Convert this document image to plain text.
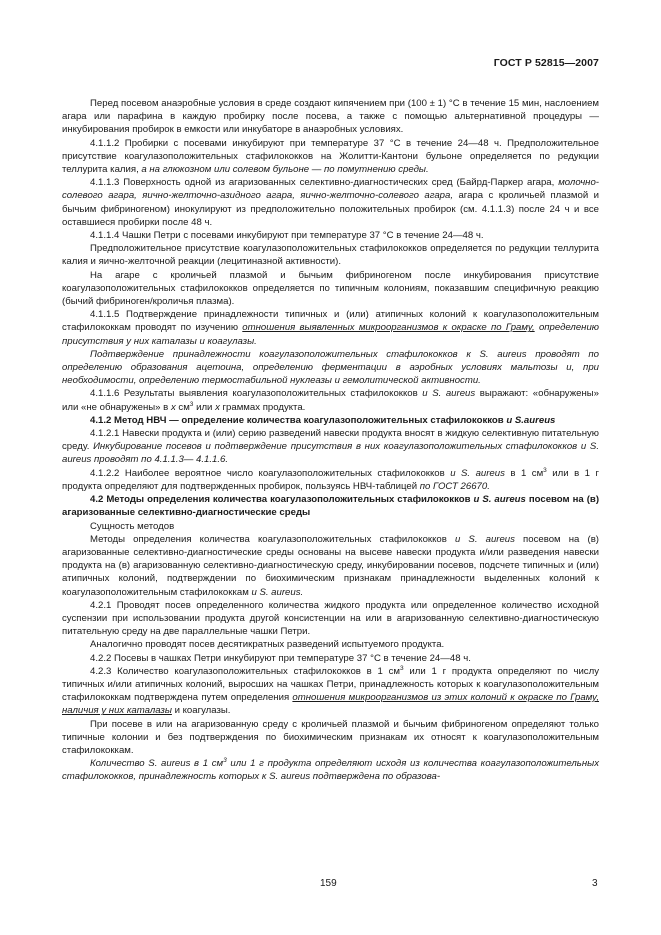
ГОСТ Р 52815—2007

Перед посевом анаэробные условия в среде создают кипячением при (100 ± 1) °С в течение 15 мин, наслоением агара или парафина в каждую пробирку после посева, а также с помощью альтернативной процедуры — инкубирования пробирок в емкости или инкубаторе в анаэробных условиях.

4.1.1.2 Пробирки с посевами инкубируют при температуре 37 °С в течение 24—48 ч. Предположительное присутствие коагулазоположительных стафилококков на Жолитти-Кантони бульоне определяется по редукции теллурита калия, а на глюкозном или солевом бульоне — по помутнению среды.

4.1.1.3 Поверхность одной из агаризованных селективно-диагностических сред (Байрд-Паркер агара, молочно-солевого агара, яично-желточно-азидного агара, яично-желточно-солевого агара, агара с кроличьей плазмой и бычьим фибриногеном) инокулируют из предположительно положительных пробирок (см. 4.1.1.3) после 24 ч и все оставшиеся пробирки после 48 ч.

4.1.1.4 Чашки Петри с посевами инкубируют при температуре 37 °С в течение 24—48 ч.

Предположительное присутствие коагулазоположительных стафилококков определяется по редукции теллурита калия и яично-желточной реакции (лецитиназной активности).

На агаре с кроличьей плазмой и бычьим фибриногеном после инкубирования присутствие коагулазоположительных стафилококков определяется по типичным колониям, показавшим специфичную реакцию (бычий фибриноген/кроличья плазма).

4.1.1.5 Подтверждение принадлежности типичных и (или) атипичных колоний к коагулазоположительным стафилококкам проводят по изучению отношения выявленных микроорганизмов к окраске по Граму, определению присутствия у них каталазы и коагулазы.

Подтверждение принадлежности коагулазоположительных стафилококков к S. aureus проводят по определению образования ацетоина, определению ферментации в аэробных условиях мальтозы и, при необходимости, определению термостабильной нуклеазы и гемолитической активности.

4.1.1.6 Результаты выявления коагулазоположительных стафилококков и S. aureus выражают: «обнаружены» или «не обнаружены» в x $см^3$ или x граммах продукта.

4.1.2 Метод НВЧ — определение количества коагулазоположительных стафилококков и S.aureus

4.1.2.1 Навески продукта и (или) серию разведений навески продукта вносят в жидкую селективную питательную среду. Инкубирование посевов и подтверждение присутствия в них коагулазоположительных стафилококков и S. aureus проводят по 4.1.1.3— 4.1.1.6.

4.1.2.2 Наиболее вероятное число коагулазоположительных стафилококков и S. aureus в 1 $см^3$ или в 1 г продукта определяют для подтвержденных пробирок, пользуясь НВЧ-таблицей по ГОСТ 26670.

4.2 Методы определения количества коагулазоположительных стафилококков и S. aureus посевом на (в) агаризованные селективно-диагностические среды

Сущность методов

Методы определения количества коагулазоположительных стафилококков и S. aureus посевом на (в) агаризованные селективно-диагностические среды основаны на высеве навески продукта и/или разведения навески продукта на (в) агаризованную селективно-диагностическую среду, инкубировании посевов, подсчете типичных и (или) атипичных колоний, подтверждении по биохимическим признакам принадлежности выделенных колоний к коагулазоположительным стафилококкам и S. aureus.

4.2.1 Проводят посев определенного количества жидкого продукта или определенное количество исходной суспензии при использовании продукта другой консистенции на или в агаризованную селективно-диагностическую питательную среду на две параллельные чашки Петри.

Аналогично проводят посев десятикратных разведений испытуемого продукта.

4.2.2 Посевы в чашках Петри инкубируют при температуре 37 °С в течение 24—48 ч.

4.2.3 Количество коагулазоположительных стафилококков в 1 $см^3$ или 1 г продукта определяют по числу типичных и/или атипичных колоний, выросших на чашках Петри, принадлежность которых к коагулазоположительным стафилококкам подтверждена путем определения отношения микроорганизмов из этих колоний к окраске по Граму, наличия у них каталазы и коагулазы.

При посеве в или на агаризованную среду с кроличьей плазмой и бычьим фибриногеном определяют только типичные колонии и без подтверждения по биохимическим признакам их относят к коагулазоположительным стафилококкам.

Количество S. aureus в 1 $см^3$ или 1 г продукта определяют исходя из количества коагулазоположительных стафилококков, принадлежность которых к S. aureus подтверждена по образова-

159	3
